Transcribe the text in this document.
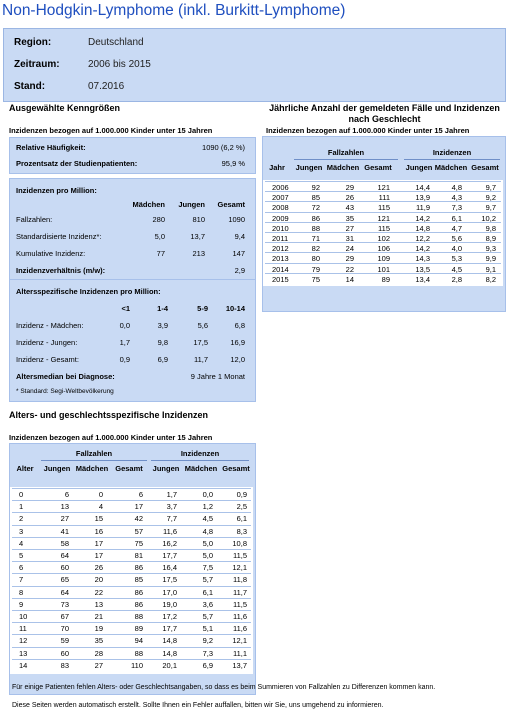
Non-Hodgkin-Lymphome (inkl. Burkitt-Lymphome)
Region:	Deutschland
Zeitraum:	2006 bis 2015
Stand:	07.2016
Ausgewählte Kenngrößen
Inzidenzen bezogen auf 1.000.000 Kinder unter 15 Jahren
Relative Häufigkeit:	1090 (6,2 %)
Prozentsatz der Studienpatienten:	95,9 %
Inzidenzen pro Million:
Mädchen	Jungen	Gesamt
Fallzahlen:	280	810	1090
Standardisierte Inzidenz*:	5,0	13,7	9,4
Kumulative Inzidenz:	77	213	147
Inzidenzverhältnis (m/w):	2,9
Altersspezifische Inzidenzen pro Million:
<1	1-4	5-9	10-14
Inzidenz - Mädchen:	0,0	3,9	5,6	6,8
Inzidenz - Jungen:	1,7	9,8	17,5	16,9
Inzidenz - Gesamt:	0,9	6,9	11,7	12,0
Altersmedian bei Diagnose:	9 Jahre 1 Monat
* Standard: Segi-Weltbevölkerung
Jährliche Anzahl der gemeldeten Fälle und Inzidenzen
nach Geschlecht
Inzidenzen bezogen auf 1.000.000 Kinder unter 15 Jahren
Fallzahlen	Inzidenzen
Jahr	Jungen Mädchen Gesamt	Jungen Mädchen Gesamt
2006	92	29	121	14,4	4,8	9,7
2007	85	26	111	13,9	4,3	9,2
2008	72	43	115	11,9	7,3	9,7
2009	86	35	121	14,2	6,1	10,2
2010	88	27	115	14,8	4,7	9,8
2011	71	31	102	12,2	5,6	8,9
2012	82	24	106	14,2	4,0	9,3
2013	80	29	109	14,3	5,3	9,9
2014	79	22	101	13,5	4,5	9,1
2015	75	14	89	13,4	2,8	8,2
Alters- und geschlechtsspezifische Inzidenzen
Inzidenzen bezogen auf 1.000.000 Kinder unter 15 Jahren
Fallzahlen	Inzidenzen
Alter	Jungen Mädchen Gesamt	Jungen Mädchen Gesamt
0	6	0	6	1,7	0,0	0,9
1	13	4	17	3,7	1,2	2,5
2	27	15	42	7,7	4,5	6,1
3	41	16	57	11,6	4,8	8,3
4	58	17	75	16,2	5,0	10,8
5	64	17	81	17,7	5,0	11,5
6	60	26	86	16,4	7,5	12,1
7	65	20	85	17,5	5,7	11,8
8	64	22	86	17,0	6,1	11,7
9	73	13	86	19,0	3,6	11,5
10	67	21	88	17,2	5,7	11,6
11	70	19	89	17,7	5,1	11,6
12	59	35	94	14,8	9,2	12,1
13	60	28	88	14,8	7,3	11,1
14	83	27	110	20,1	6,9	13,7
Für einige Patienten fehlen Alters- oder Geschlechtsangaben, so dass es beim Summieren von Fallzahlen zu Differenzen kommen kann.
Diese Seiten werden automatisch erstellt. Sollte Ihnen ein Fehler auffallen, bitten wir Sie, uns umgehend zu informieren.
